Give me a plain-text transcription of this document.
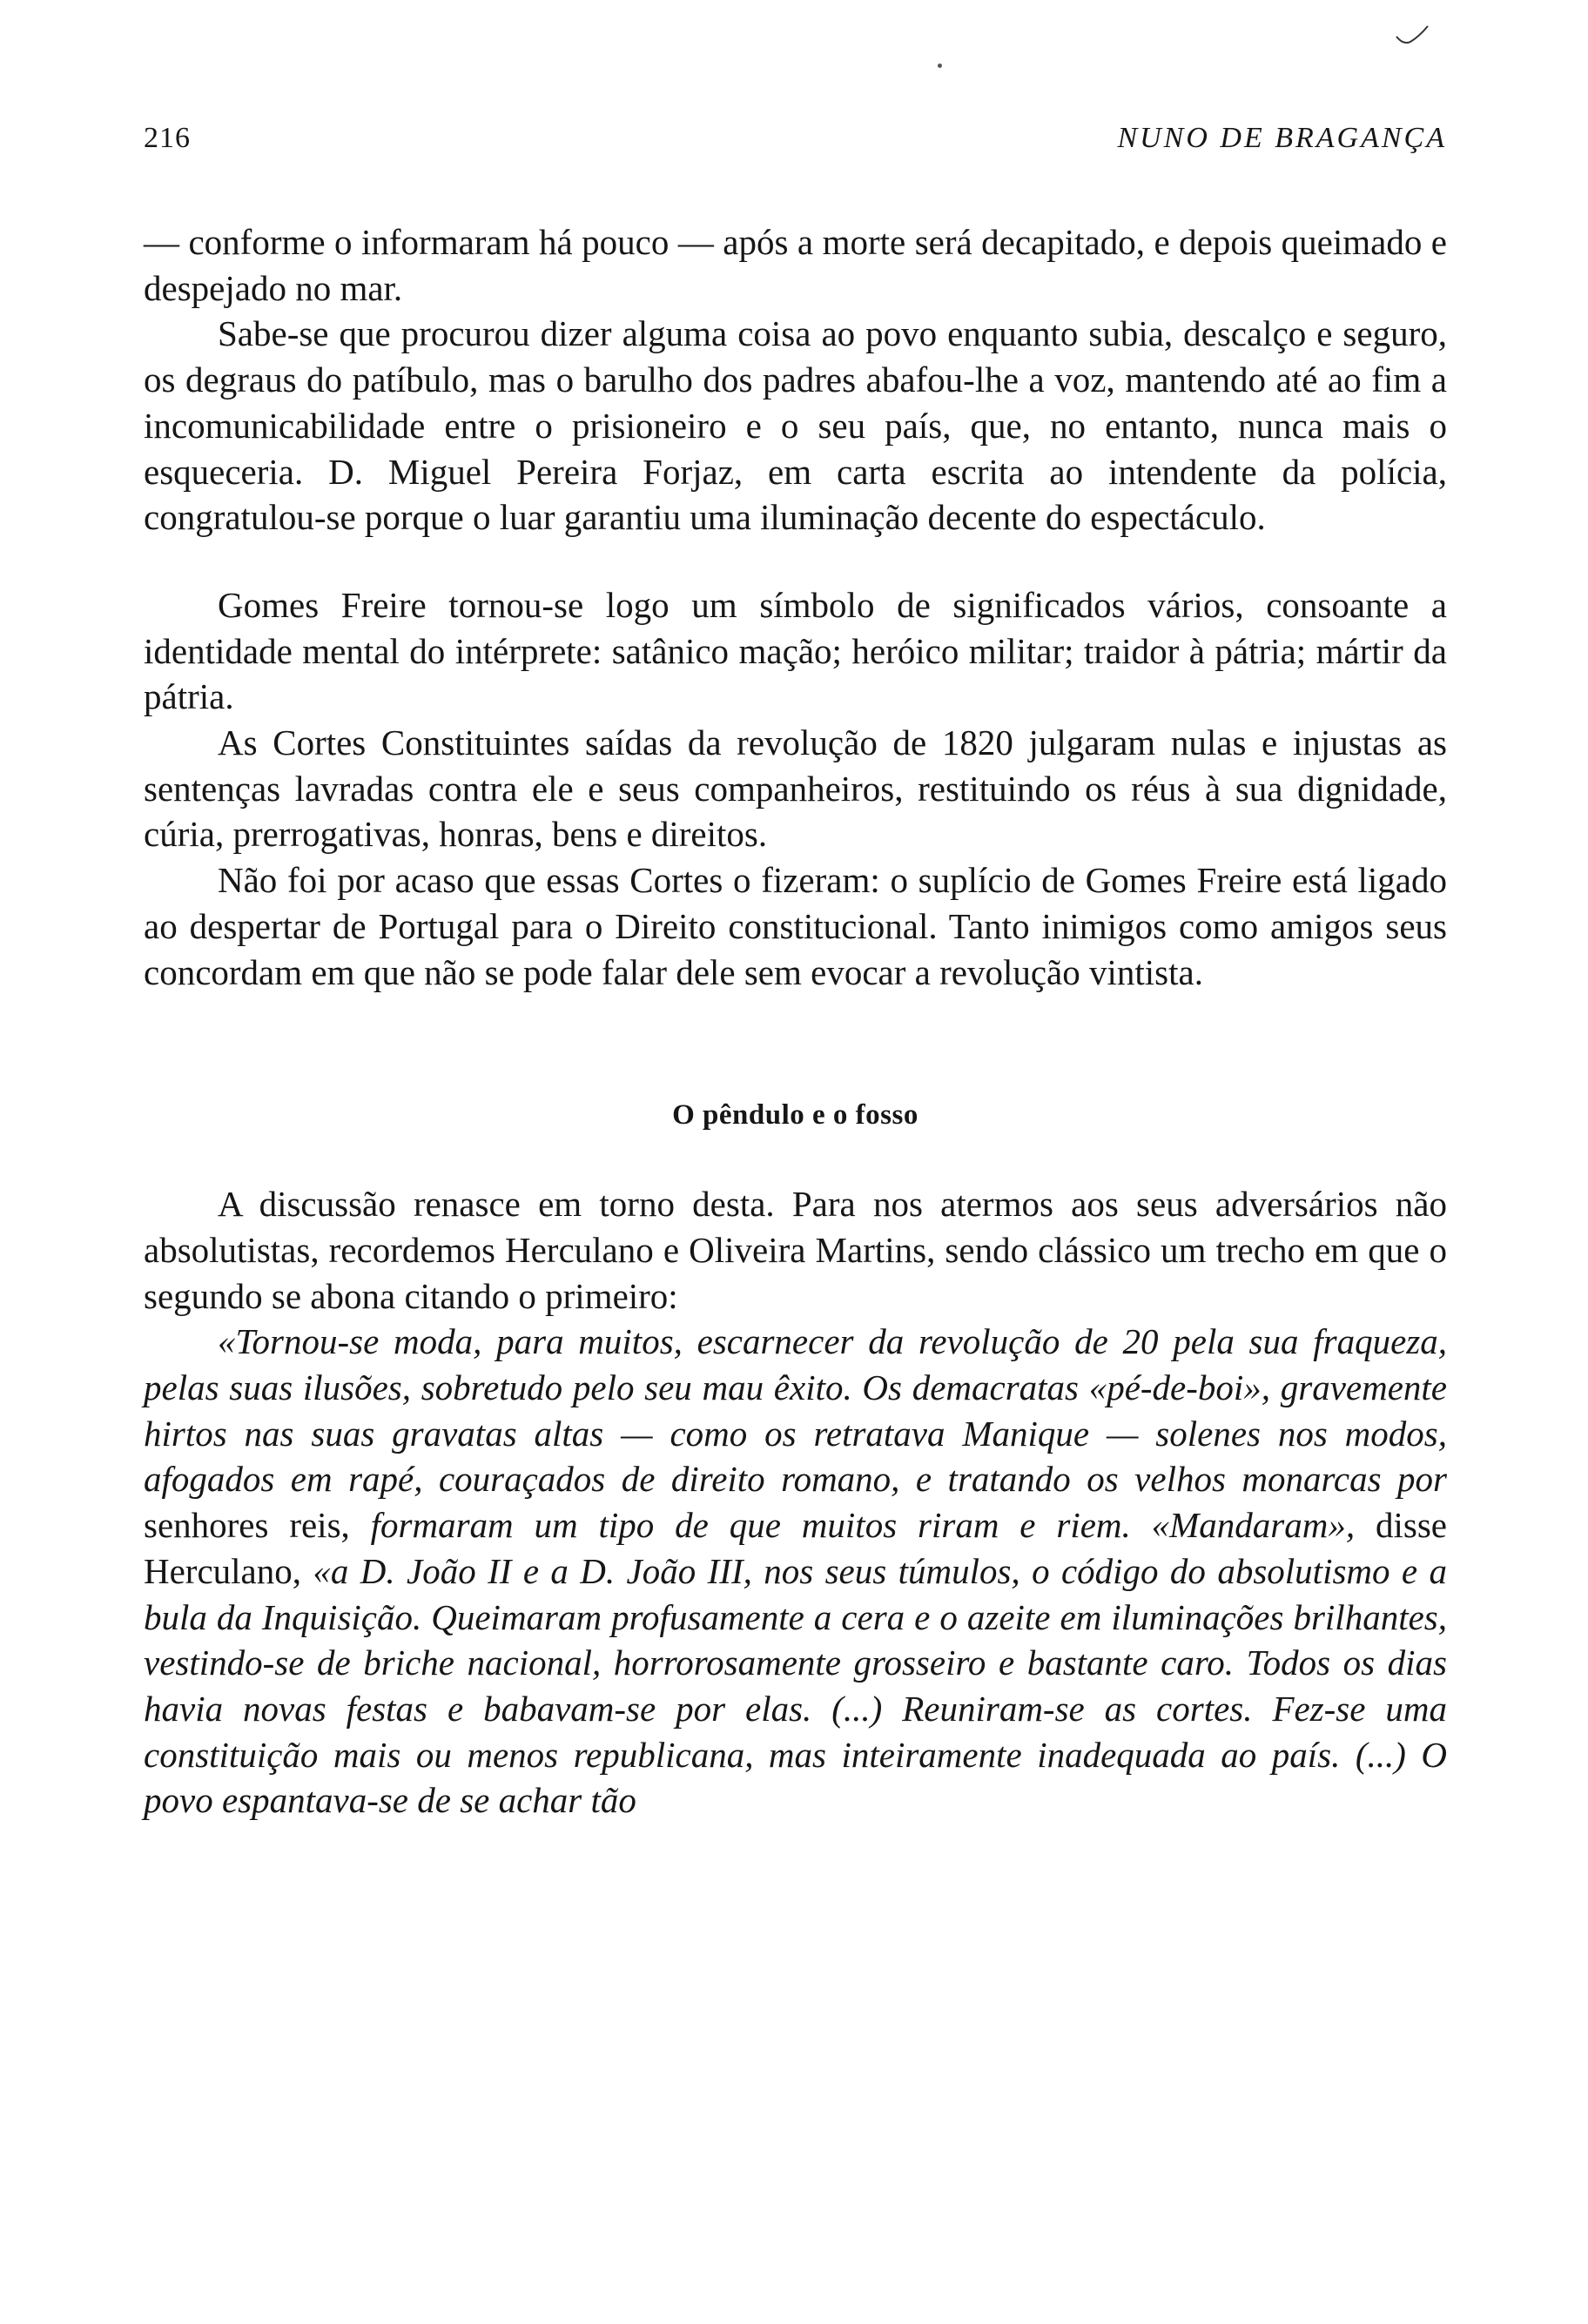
216	NUNO DE BRAGANÇA

— conforme o informaram há pouco — após a morte será decapitado, e depois queimado e despejado no mar.

Sabe-se que procurou dizer alguma coisa ao povo enquanto subia, descalço e seguro, os degraus do patíbulo, mas o barulho dos padres abafou-lhe a voz, mantendo até ao fim a incomunicabilidade entre o prisioneiro e o seu país, que, no entanto, nunca mais o esqueceria. D. Miguel Pereira Forjaz, em carta escrita ao intendente da polícia, congratulou-se porque o luar garantiu uma iluminação decente do espectáculo.

Gomes Freire tornou-se logo um símbolo de significados vários, consoante a identidade mental do intérprete: satânico mação; heróico militar; traidor à pátria; mártir da pátria.

As Cortes Constituintes saídas da revolução de 1820 julgaram nulas e injustas as sentenças lavradas contra ele e seus companheiros, restituindo os réus à sua dignidade, cúria, prerrogativas, honras, bens e direitos.

Não foi por acaso que essas Cortes o fizeram: o suplício de Gomes Freire está ligado ao despertar de Portugal para o Direito constitucional. Tanto inimigos como amigos seus concordam em que não se pode falar dele sem evocar a revolução vintista.

O pêndulo e o fosso

A discussão renasce em torno desta. Para nos atermos aos seus adversários não absolutistas, recordemos Herculano e Oliveira Martins, sendo clássico um trecho em que o segundo se abona citando o primeiro:

«Tornou-se moda, para muitos, escarnecer da revolução de 20 pela sua fraqueza, pelas suas ilusões, sobretudo pelo seu mau êxito. Os demacratas «pé-de-boi», gravemente hirtos nas suas gravatas altas — como os retratava Manique — solenes nos modos, afogados em rapé, couraçados de direito romano, e tratando os velhos monarcas por senhores reis, formaram um tipo de que muitos riram e riem. «Mandaram», disse Herculano, «a D. João II e a D. João III, nos seus túmulos, o código do absolutismo e a bula da Inquisição. Queimaram profusamente a cera e o azeite em iluminações brilhantes, vestindo-se de briche nacional, horrorosamente grosseiro e bastante caro. Todos os dias havia novas festas e babavam-se por elas. (...) Reuniram-se as cortes. Fez-se uma constituição mais ou menos republicana, mas inteiramente inadequada ao país. (...) O povo espantava-se de se achar tão
